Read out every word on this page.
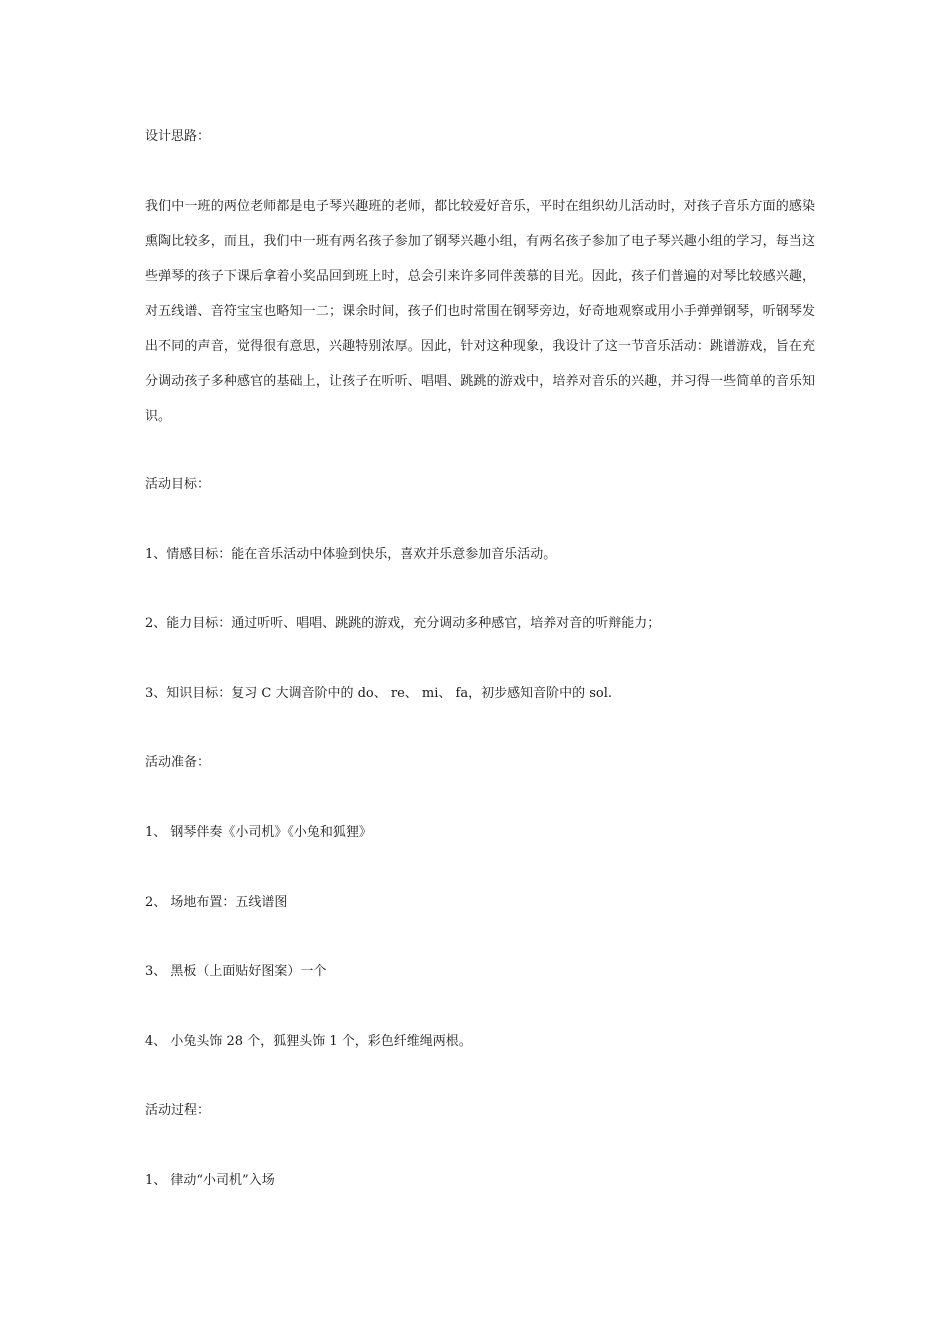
设计思路：
我们中一班的两位老师都是电子琴兴趣班的老师，都比较爱好音乐，平时在组织幼儿活动时，对孩子音乐方面的感染熏陶比较多，而且，我们中一班有两名孩子参加了钢琴兴趣小组，有两名孩子参加了电子琴兴趣小组的学习，每当这些弹琴的孩子下课后拿着小奖品回到班上时，总会引来许多同伴羡慕的目光。因此，孩子们普遍的对琴比较感兴趣，对五线谱、音符宝宝也略知一二；课余时间，孩子们也时常围在钢琴旁边，好奇地观察或用小手弹弹钢琴，听钢琴发出不同的声音，觉得很有意思，兴趣特别浓厚。因此，针对这种现象，我设计了这一节音乐活动：跳谱游戏，旨在充分调动孩子多种感官的基础上，让孩子在听听、唱唱、跳跳的游戏中，培养对音乐的兴趣，并习得一些简单的音乐知识。
活动目标：
1、情感目标：能在音乐活动中体验到快乐，喜欢并乐意参加音乐活动。
2、能力目标：通过听听、唱唱、跳跳的游戏，充分调动多种感官，培养对音的听辩能力；
3、知识目标：复习 C 大调音阶中的 do、 re、 mi、 fa，初步感知音阶中的 sol.
活动准备：
1、 钢琴伴奏《小司机》《小兔和狐狸》
2、 场地布置：五线谱图
3、 黑板（上面贴好图案）一个
4、 小兔头饰 28 个，狐狸头饰 1 个，彩色纤维绳两根。
活动过程：
1、 律动“小司机”入场
